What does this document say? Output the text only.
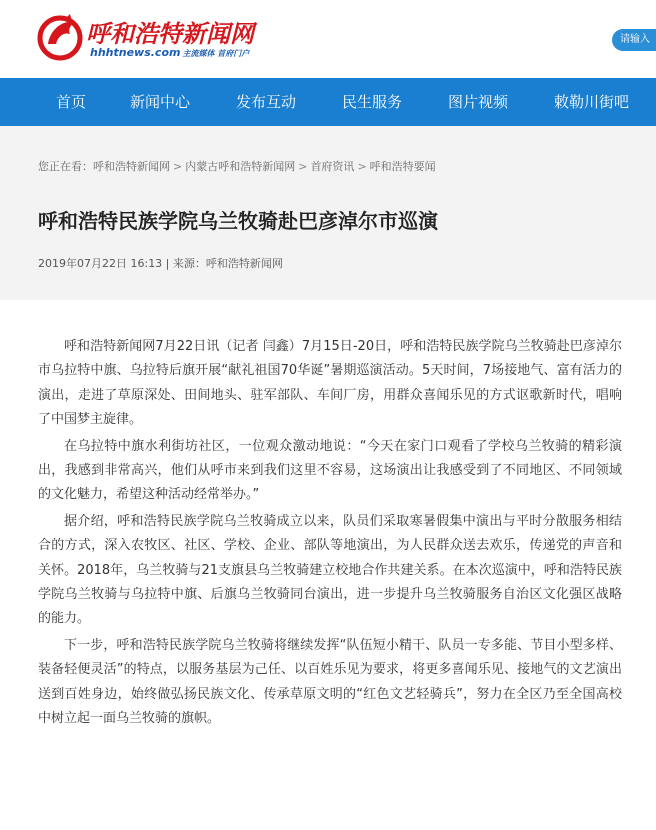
呼和浩特新闻网
hhhtnews.com 主流媒体 首府门户
请输入
首页	新闻中心	发布互动	民生服务	图片视频	敕勒川街吧
您正在看：呼和浩特新闻网 > 内蒙古呼和浩特新闻网 > 首府资讯 > 呼和浩特要闻
呼和浩特民族学院乌兰牧骑赴巴彦淖尔市巡演
2019年07月22日 16:13 | 来源：呼和浩特新闻网

呼和浩特新闻网7月22日讯（记者 闫鑫）7月15日-20日，呼和浩特民族学院乌兰牧骑赴巴彦淖尔市乌拉特中旗、乌拉特后旗开展“献礼祖国70华诞”暑期巡演活动。5天时间，7场接地气、富有活力的演出，走进了草原深处、田间地头、驻军部队、车间厂房，用群众喜闻乐见的方式讴歌新时代，唱响了中国梦主旋律。

在乌拉特中旗水利街坊社区，一位观众激动地说：“今天在家门口观看了学校乌兰牧骑的精彩演出，我感到非常高兴，他们从呼市来到我们这里不容易，这场演出让我感受到了不同地区、不同领域的文化魅力，希望这种活动经常举办。”

据介绍，呼和浩特民族学院乌兰牧骑成立以来，队员们采取寒暑假集中演出与平时分散服务相结合的方式，深入农牧区、社区、学校、企业、部队等地演出，为人民群众送去欢乐，传递党的声音和关怀。2018年，乌兰牧骑与21支旗县乌兰牧骑建立校地合作共建关系。在本次巡演中，呼和浩特民族学院乌兰牧骑与乌拉特中旗、后旗乌兰牧骑同台演出，进一步提升乌兰牧骑服务自治区文化强区战略的能力。

下一步，呼和浩特民族学院乌兰牧骑将继续发挥“队伍短小精干、队员一专多能、节目小型多样、装备轻便灵活”的特点，以服务基层为己任、以百姓乐见为要求，将更多喜闻乐见、接地气的文艺演出送到百姓身边，始终做弘扬民族文化、传承草原文明的“红色文艺轻骑兵”，努力在全区乃至全国高校中树立起一面乌兰牧骑的旗帜。
